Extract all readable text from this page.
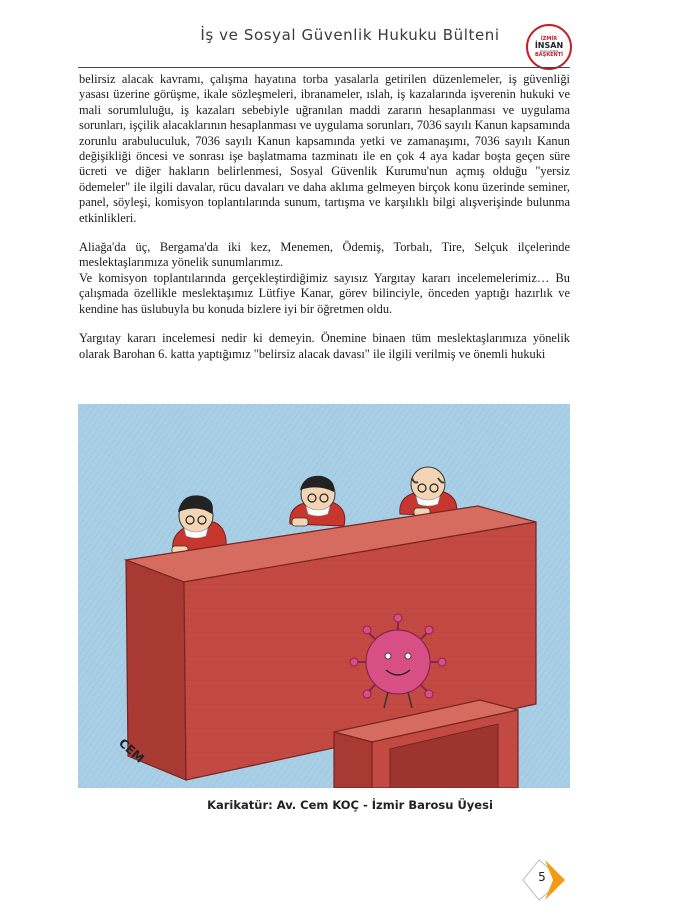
İş ve Sosyal Güvenlik Hukuku Bülteni	İZMİR
İNSAN
HAKLARININ
BAŞKENTİ

belirsiz alacak kavramı, çalışma hayatına torba yasalarla getirilen düzenlemeler, iş güvenliği yasası üzerine görüşme, ikale sözleşmeleri, ibranameler, ıslah, iş kazalarında işverenin hukuki ve mali sorumluluğu, iş kazaları sebebiyle uğranılan maddi zararın hesaplanması ve uygulama sorunları, işçilik alacaklarının hesaplanması ve uygulama sorunları, 7036 sayılı Kanun kapsamında zorunlu arabuluculuk, 7036 sayılı Kanun kapsamında yetki ve zamanaşımı, 7036 sayılı Kanun değişikliği öncesi ve sonrası işe başlatmama tazminatı ile en çok 4 aya kadar boşta geçen süre ücreti ve diğer hakların belirlenmesi, Sosyal Güvenlik Kurumu'nun açmış olduğu "yersiz ödemeler" ile ilgili davalar, rücu davaları ve daha aklıma gelmeyen birçok konu üzerinde seminer, panel, söyleşi, komisyon toplantılarında sunum, tartışma ve karşılıklı bilgi alışverişinde bulunma etkinlikleri.

Aliağa'da üç, Bergama'da iki kez, Menemen, Ödemiş, Torbalı, Tire, Selçuk ilçelerinde meslektaşlarımıza yönelik sunumlarımız.

Ve komisyon toplantılarında gerçekleştirdiğimiz sayısız Yargıtay kararı incelemelerimiz… Bu çalışmada özellikle meslektaşımız Lütfiye Kanar, görev bilinciyle, önceden yaptığı hazırlık ve kendine has üslubuyla bu konuda bizlere iyi bir öğretmen oldu.

Yargıtay kararı incelemesi nedir ki demeyin. Önemine binaen tüm meslektaşlarımıza yönelik olarak Barohan 6. katta yaptığımız "belirsiz alacak davası" ile ilgili verilmiş ve önemli hukuki

CEM
Karikatür: Av. Cem KOÇ - İzmir Barosu Üyesi
5
